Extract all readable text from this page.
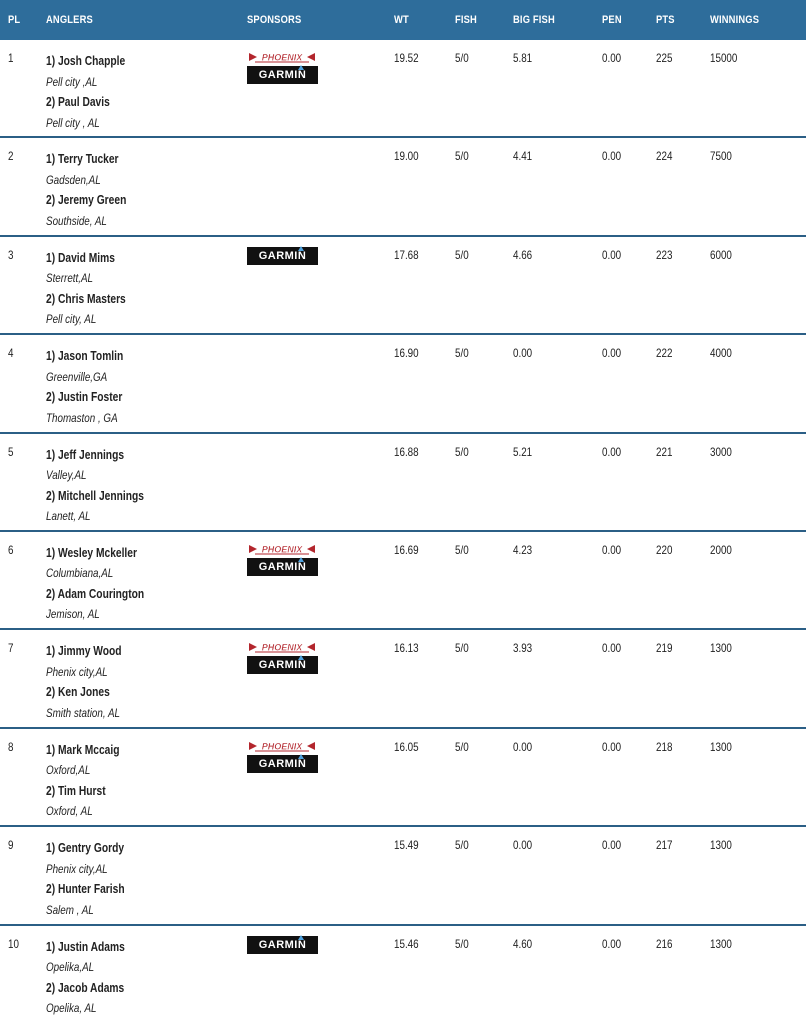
PL ANGLERS	SPONSORS	WT	FISH	BIG FISH	PEN	PTS	WINNINGS
1	1) Josh Chapple
Pell city ,AL
2) Paul Davis
Pell city , AL
PHOENIX
GARMIN
19.52	5/0	5.81	0.00	225	15000
2	1) Terry Tucker
Gadsden,AL
2) Jeremy Green
Southside, AL
19.00	5/0	4.41	0.00	224	7500
3	1) David Mims
Sterrett,AL
2) Chris Masters
Pell city, AL
GARMIN	17.68	5/0	4.66	0.00	223	6000
4	1) Jason Tomlin
Greenville,GA
2) Justin Foster
Thomaston , GA
16.90	5/0	0.00	0.00	222	4000
5	1) Jeff Jennings
Valley,AL
2) Mitchell Jennings
Lanett, AL
16.88	5/0	5.21	0.00	221	3000
6	1) Wesley Mckeller
Columbiana,AL
2) Adam Courington
Jemison, AL
PHOENIX
GARMIN
16.69	5/0	4.23	0.00	220	2000
7	1) Jimmy Wood
Phenix city,AL
2) Ken Jones
Smith station, AL
PHOENIX
GARMIN
16.13	5/0	3.93	0.00	219	1300
8	1) Mark Mccaig
Oxford,AL
2) Tim Hurst
Oxford, AL
PHOENIX
GARMIN
16.05	5/0	0.00	0.00	218	1300
9	1) Gentry Gordy
Phenix city,AL
2) Hunter Farish
Salem , AL
15.49	5/0	0.00	0.00	217	1300
10 1) Justin Adams
Opelika,AL
2) Jacob Adams
Opelika, AL
GARMIN	15.46	5/0	4.60	0.00	216	1300
